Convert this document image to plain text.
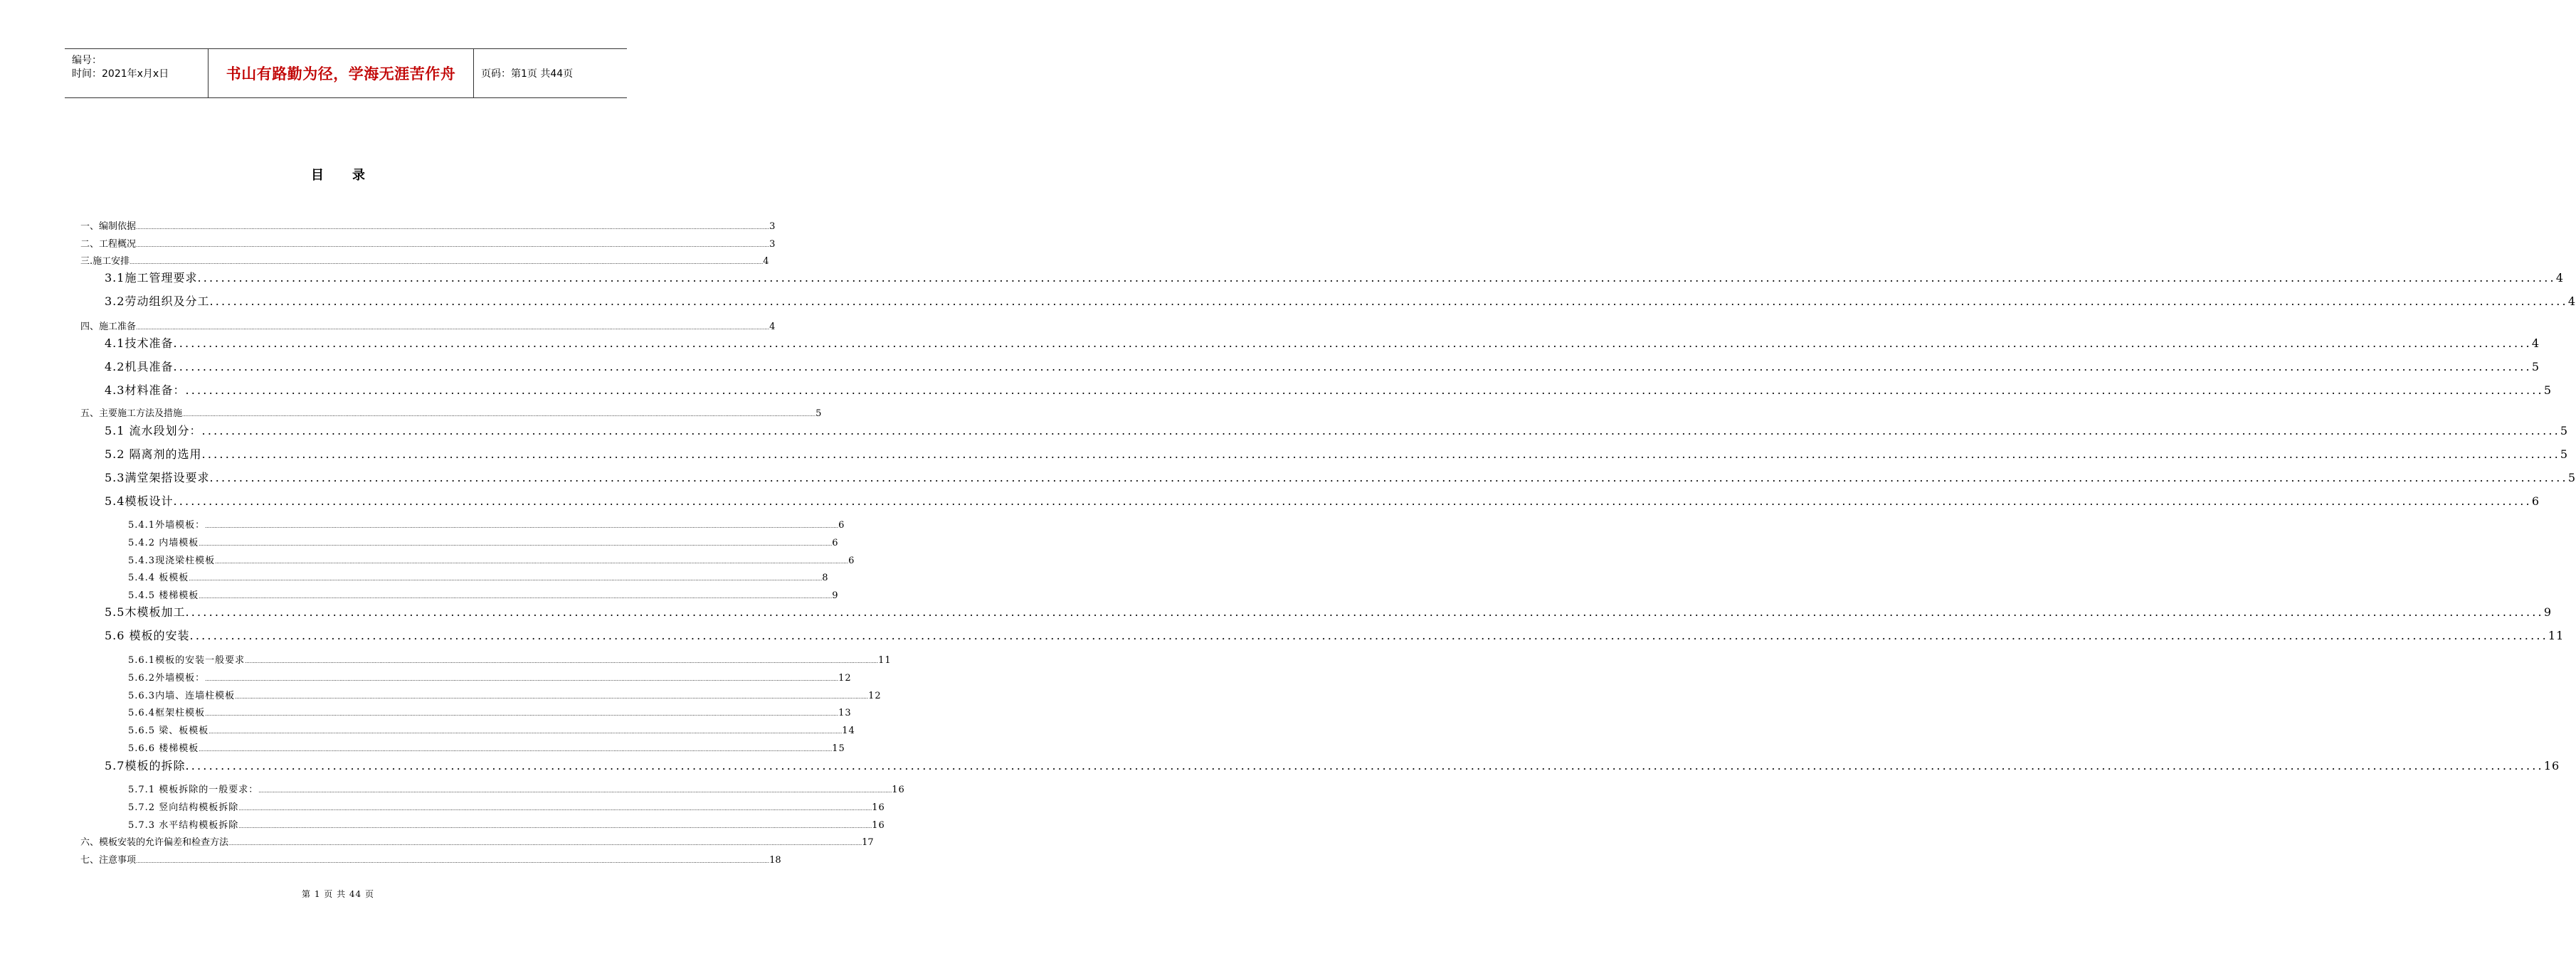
编号：
时间：2021年x月x日	书山有路勤为径，学海无涯苦作舟	页码：第1页 共44页
目录
一、编制依据 ................................................................................................................................................................................................................................................................................................................................................................................................................ 3
二、工程概况 ................................................................................................................................................................................................................................................................................................................................................................................................................ 3
三.施工安排 ................................................................................................................................................................................................................................................................................................................................................................................................................ 4
3.1施工管理要求 ................................................................................................................................................................................................................................................................................................................................................................................................................ 4
3.2劳动组织及分工 ................................................................................................................................................................................................................................................................................................................................................................................................................ 4
四、施工准备 ................................................................................................................................................................................................................................................................................................................................................................................................................ 4
4.1技术准备 ................................................................................................................................................................................................................................................................................................................................................................................................................ 4
4.2机具准备 ................................................................................................................................................................................................................................................................................................................................................................................................................ 5
4.3材料准备： ................................................................................................................................................................................................................................................................................................................................................................................................................ 5
五、主要施工方法及措施 ................................................................................................................................................................................................................................................................................................................................................................................................................ 5
5.1 流水段划分： ................................................................................................................................................................................................................................................................................................................................................................................................................ 5
5.2 隔离剂的选用 ................................................................................................................................................................................................................................................................................................................................................................................................................ 5
5.3满堂架搭设要求 ................................................................................................................................................................................................................................................................................................................................................................................................................ 5
5.4模板设计 ................................................................................................................................................................................................................................................................................................................................................................................................................ 6
5.4.1外墙模板： ................................................................................................................................................................................................................................................................................................................................................................................................................ 6
5.4.2 内墙模板 ................................................................................................................................................................................................................................................................................................................................................................................................................ 6
5.4.3现浇梁柱模板 ................................................................................................................................................................................................................................................................................................................................................................................................................ 6
5.4.4 板模板 ................................................................................................................................................................................................................................................................................................................................................................................................................ 8
5.4.5 楼梯模板 ................................................................................................................................................................................................................................................................................................................................................................................................................ 9
5.5木模板加工 ................................................................................................................................................................................................................................................................................................................................................................................................................ 9
5.6 模板的安装 ................................................................................................................................................................................................................................................................................................................................................................................................................ 11
5.6.1模板的安装一般要求 ................................................................................................................................................................................................................................................................................................................................................................................................................ 11
5.6.2外墙模板： ................................................................................................................................................................................................................................................................................................................................................................................................................ 12
5.6.3内墙、连墙柱模板 ................................................................................................................................................................................................................................................................................................................................................................................................................ 12
5.6.4框架柱模板 ................................................................................................................................................................................................................................................................................................................................................................................................................ 13
5.6.5 梁、板模板 ................................................................................................................................................................................................................................................................................................................................................................................................................ 14
5.6.6 楼梯模板 ................................................................................................................................................................................................................................................................................................................................................................................................................ 15
5.7模板的拆除 ................................................................................................................................................................................................................................................................................................................................................................................................................ 16
5.7.1 模板拆除的一般要求： ................................................................................................................................................................................................................................................................................................................................................................................................................ 16
5.7.2 竖向结构模板拆除 ................................................................................................................................................................................................................................................................................................................................................................................................................ 16
5.7.3 水平结构模板拆除 ................................................................................................................................................................................................................................................................................................................................................................................................................ 16
六、模板安装的允许偏差和检查方法 ................................................................................................................................................................................................................................................................................................................................................................................................................ 17
七、注意事项 ................................................................................................................................................................................................................................................................................................................................................................................................................ 18
第 1 页 共 44 页
